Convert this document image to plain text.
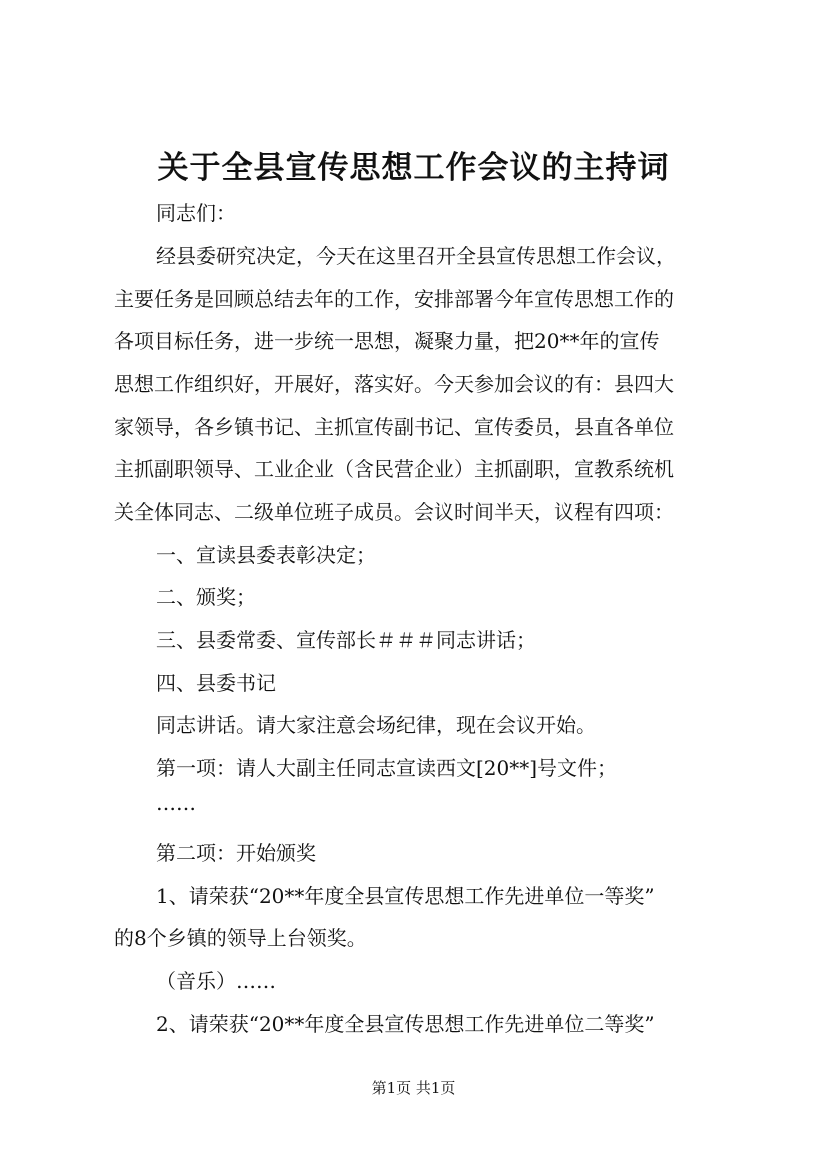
关于全县宣传思想工作会议的主持词
同志们：
经县委研究决定，今天在这里召开全县宣传思想工作会议，
主要任务是回顾总结去年的工作，安排部署今年宣传思想工作的
各项目标任务，进一步统一思想，凝聚力量，把20**年的宣传
思想工作组织好，开展好，落实好。今天参加会议的有：县四大
家领导，各乡镇书记、主抓宣传副书记、宣传委员，县直各单位
主抓副职领导、工业企业（含民营企业）主抓副职，宣教系统机
关全体同志、二级单位班子成员。会议时间半天，议程有四项：
一、宣读县委表彰决定；
二、颁奖；
三、县委常委、宣传部长＃＃＃同志讲话；
四、县委书记
同志讲话。请大家注意会场纪律，现在会议开始。
第一项：请人大副主任同志宣读西文[20**]号文件；
……
第二项：开始颁奖
1、请荣获“20**年度全县宣传思想工作先进单位一等奖”
的8个乡镇的领导上台领奖。
（音乐）……
2、请荣获“20**年度全县宣传思想工作先进单位二等奖”
第1页 共1页
